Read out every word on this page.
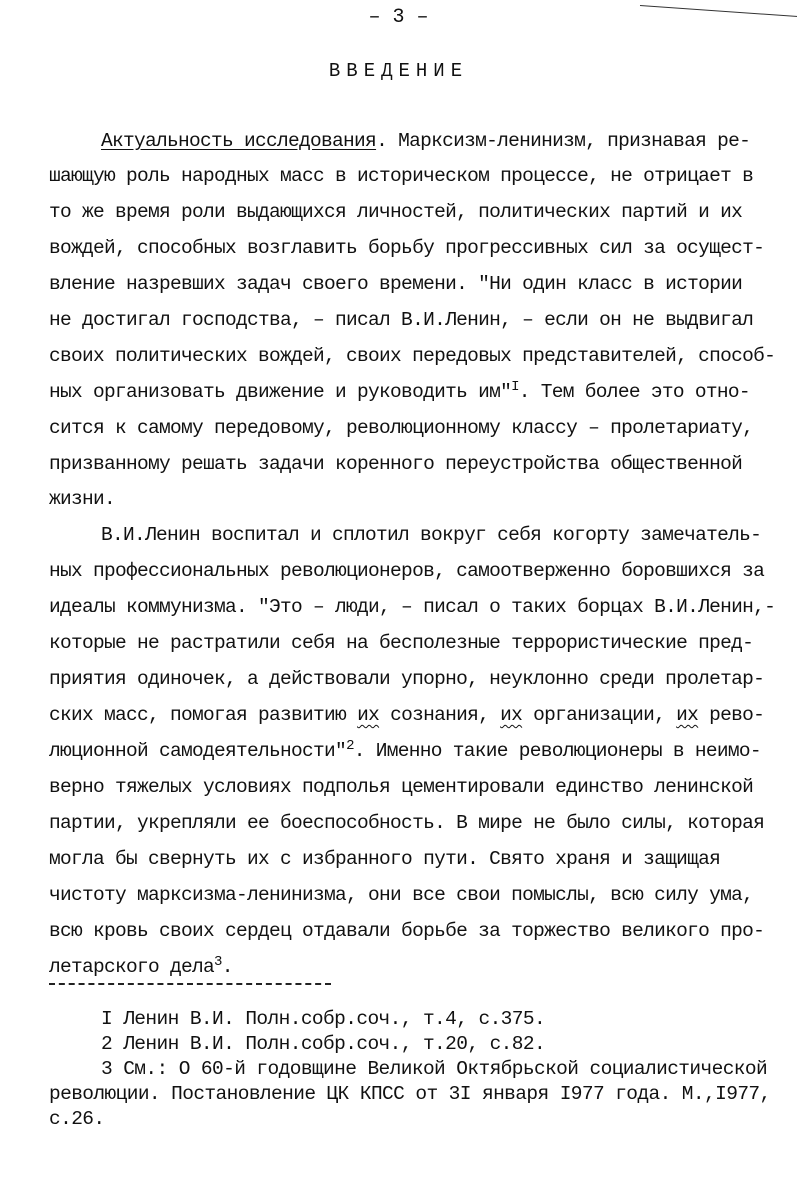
– 3 –
ВВЕДЕНИЕ
Актуальность исследования. Марксизм-ленинизм, признавая ре-
шающую роль народных масс в историческом процессе, не отрицает в
то же время роли выдающихся личностей, политических партий и их
вождей, способных возглавить борьбу прогрессивных сил за осущест-
вление назревших задач своего времени. "Ни один класс в истории
не достигал господства, – писал В.И.Ленин, – если он не выдвигал
своих политических вождей, своих передовых представителей, способ-
ных организовать движение и руководить им"$^I$. Тем более это отно-
сится к самому передовому, революционному классу – пролетариату,
призванному решать задачи коренного переустройства общественной
жизни.
В.И.Ленин воспитал и сплотил вокруг себя когорту замечатель-
ных профессиональных революционеров, самоотверженно боровшихся за
идеалы коммунизма. "Это – люди, – писал о таких борцах В.И.Ленин,-
которые не растратили себя на бесполезные террористические пред-
приятия одиночек, а действовали упорно, неуклонно среди пролетар-
ских масс, помогая развитию их сознания, их организации, их рево-
люционной самодеятельности"$^2$. Именно такие революционеры в неимо-
верно тяжелых условиях подполья цементировали единство ленинской
партии, укрепляли ее боеспособность. В мире не было силы, которая
могла бы свернуть их с избранного пути. Свято храня и защищая
чистоту марксизма-ленинизма, они все свои помыслы, всю силу ума,
всю кровь своих сердец отдавали борьбе за торжество великого про-
летарского дела$^3$.
I Ленин В.И. Полн.собр.соч., т.4, с.375.
2 Ленин В.И. Полн.собр.соч., т.20, с.82.
3 См.: О 60-й годовщине Великой Октябрьской социалистической
революции. Постановление ЦК КПСС от 3I января I977 года. М.,I977,
с.26.
